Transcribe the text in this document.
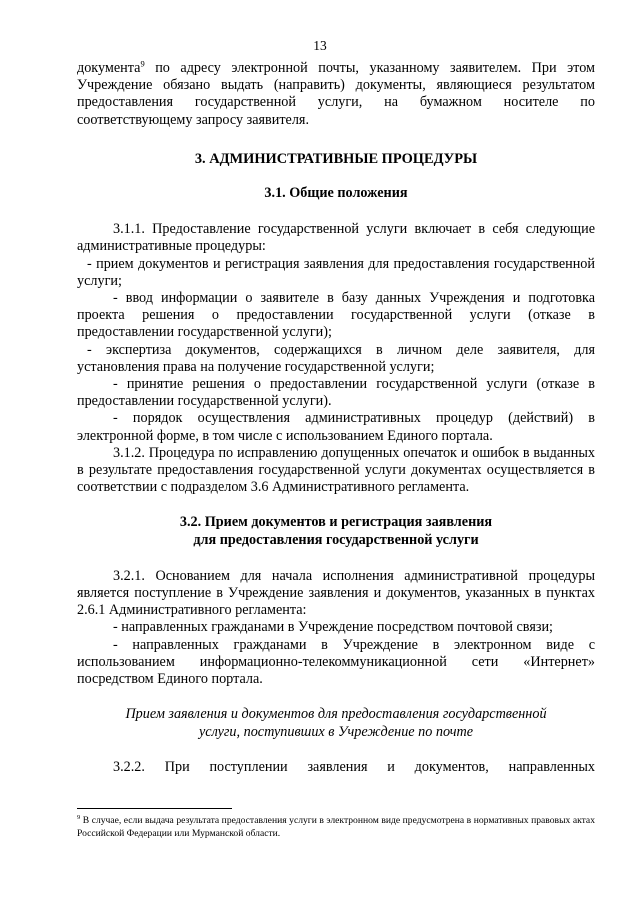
13

документа$^9$ по адресу электронной почты, указанному заявителем. При этом Учреждение обязано выдать (направить) документы, являющиеся результатом предоставления государственной услуги, на бумажном носителе по соответствующему запросу заявителя.

3. АДМИНИСТРАТИВНЫЕ ПРОЦЕДУРЫ

3.1. Общие положения

3.1.1. Предоставление государственной услуги включает в себя следующие административные процедуры:

- прием документов и регистрация заявления для предоставления государственной услуги;

- ввод информации о заявителе в базу данных Учреждения и подготовка проекта решения о предоставлении государственной услуги (отказе в предоставлении государственной услуги);

- экспертиза документов, содержащихся в личном деле заявителя, для установления права на получение государственной услуги;

- принятие решения о предоставлении государственной услуги (отказе в предоставлении государственной услуги).

- порядок осуществления административных процедур (действий) в электронной форме, в том числе с использованием Единого портала.

3.1.2. Процедура по исправлению допущенных опечаток и ошибок в выданных в результате предоставления государственной услуги документах осуществляется в соответствии с подразделом 3.6 Административного регламента.

3.2. Прием документов и регистрация заявления
для предоставления государственной услуги

3.2.1. Основанием для начала исполнения административной процедуры является поступление в Учреждение заявления и документов, указанных в пунктах 2.6.1 Административного регламента:

- направленных гражданами в Учреждение посредством почтовой связи;

- направленных гражданами в Учреждение в электронном виде с использованием информационно-телекоммуникационной сети «Интернет» посредством Единого портала.

Прием заявления и документов для предоставления государственной
услуги, поступивших в Учреждение по почте

3.2.2. При поступлении заявления и документов, направленных

$^9$ В случае, если выдача результата предоставления услуги в электронном виде предусмотрена в нормативных правовых актах Российской Федерации или Мурманской области.
